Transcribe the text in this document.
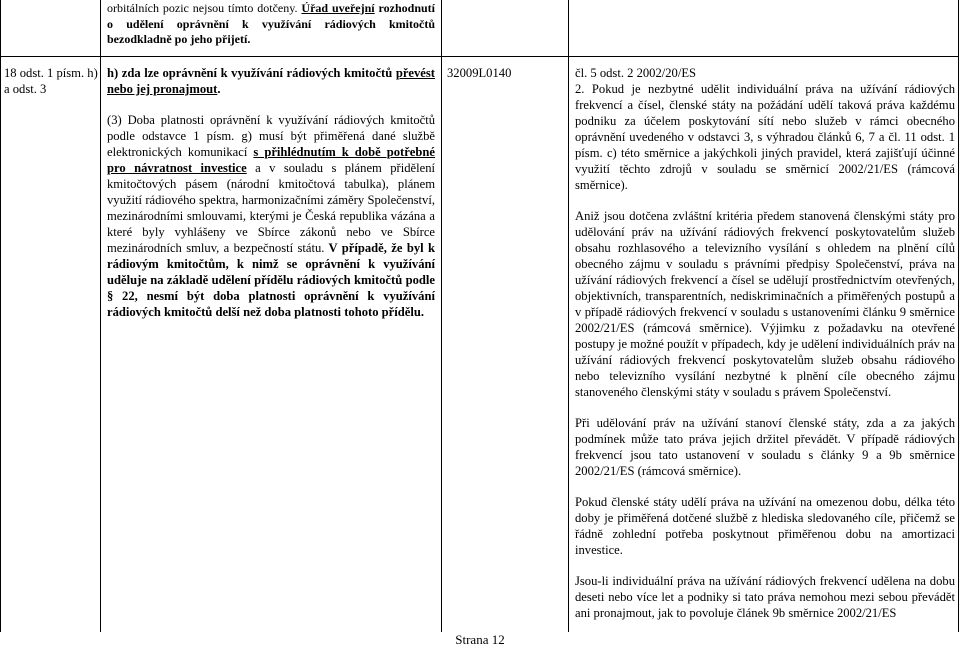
orbitálních pozic nejsou tímto dotčeny. Úřad uveřejní rozhodnutí o udělení oprávnění k využívání rádiových kmitočtů bezodkladně po jeho přijetí.

18 odst. 1 písm. h) a odst. 3

h) zda lze oprávnění k využívání rádiových kmitočtů převést nebo jej pronajmout.

(3) Doba platnosti oprávnění k využívání rádiových kmitočtů podle odstavce 1 písm. g) musí být přiměřená dané službě elektronických komunikací s přihlédnutím k době potřebné pro návratnost investice a v souladu s plánem přidělení kmitočtových pásem (národní kmitočtová tabulka), plánem využití rádiového spektra, harmonizačními záměry Společenství, mezinárodními smlouvami, kterými je Česká republika vázána a které byly vyhlášeny ve Sbírce zákonů nebo ve Sbírce mezinárodních smluv, a bezpečností státu. V případě, že byl k rádiovým kmitočtům, k nimž se oprávnění k využívání uděluje na základě udělení přídělu rádiových kmitočtů podle § 22, nesmí být doba platnosti oprávnění k využívání rádiových kmitočtů delší než doba platnosti tohoto přídělu.

32009L0140	čl. 5 odst. 2 2002/20/ES

2. Pokud je nezbytné udělit individuální práva na užívání rádiových frekvencí a čísel, členské státy na požádání udělí taková práva každému podniku za účelem poskytování sítí nebo služeb v rámci obecného oprávnění uvedeného v odstavci 3, s výhradou článků 6, 7 a čl. 11 odst. 1 písm. c) této směrnice a jakýchkoli jiných pravidel, která zajišťují účinné využití těchto zdrojů v souladu se směrnicí 2002/21/ES (rámcová směrnice).

Aniž jsou dotčena zvláštní kritéria předem stanovená členskými státy pro udělování práv na užívání rádiových frekvencí poskytovatelům služeb obsahu rozhlasového a televizního vysílání s ohledem na plnění cílů obecného zájmu v souladu s právními předpisy Společenství, práva na užívání rádiových frekvencí a čísel se udělují prostřednictvím otevřených, objektivních, transparentních, nediskriminačních a přiměřených postupů a v případě rádiových frekvencí v souladu s ustanoveními článku 9 směrnice 2002/21/ES (rámcová směrnice). Výjimku z požadavku na otevřené postupy je možné použít v případech, kdy je udělení individuálních práv na užívání rádiových frekvencí poskytovatelům služeb obsahu rádiového nebo televizního vysílání nezbytné k plnění cíle obecného zájmu stanoveného členskými státy v souladu s právem Společenství.

Při udělování práv na užívání stanoví členské státy, zda a za jakých podmínek může tato práva jejich držitel převádět. V případě rádiových frekvencí jsou tato ustanovení v souladu s články 9 a 9b směrnice 2002/21/ES (rámcová směrnice).

Pokud členské státy udělí práva na užívání na omezenou dobu, délka této doby je přiměřená dotčené službě z hlediska sledovaného cíle, přičemž se řádně zohlední potřeba poskytnout přiměřenou dobu na amortizaci investice.

Jsou-li individuální práva na užívání rádiových frekvencí udělena na dobu deseti nebo více let a podniky si tato práva nemohou mezi sebou převádět ani pronajmout, jak to povoluje článek 9b směrnice 2002/21/ES

Strana 12
